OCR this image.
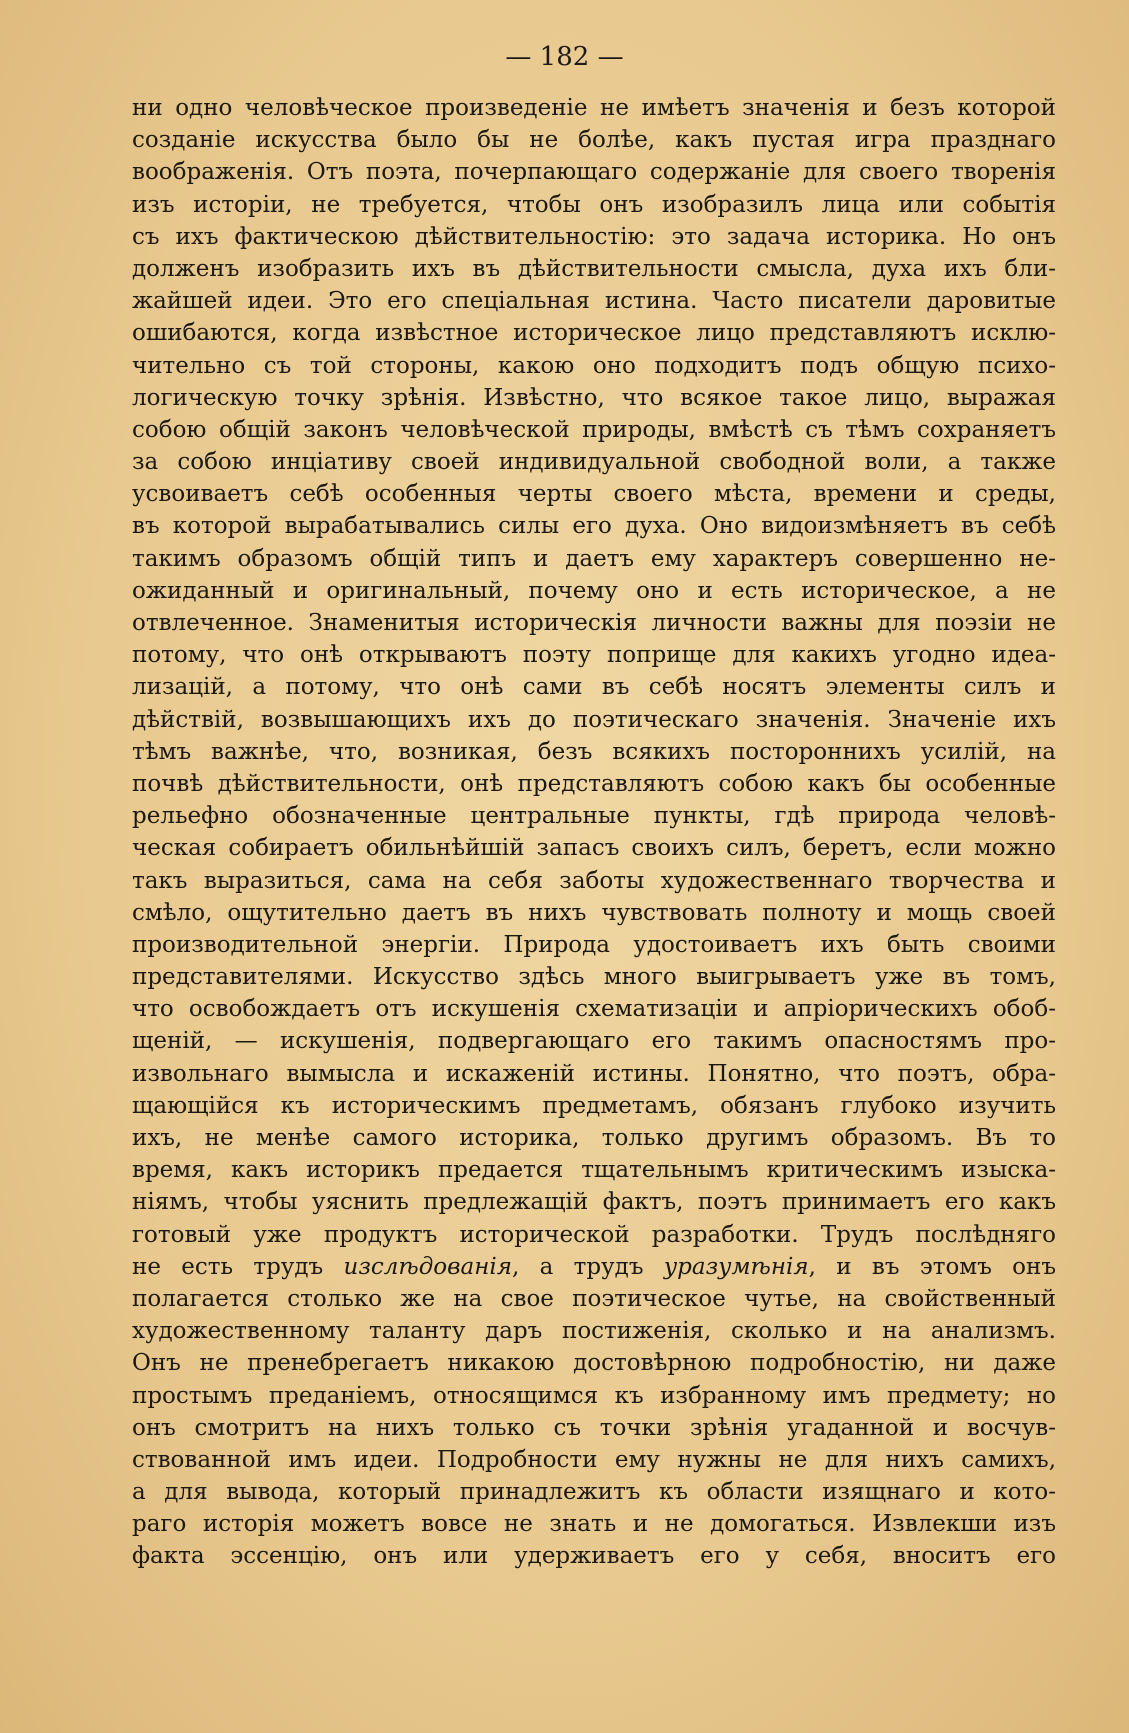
— 182 —
ни одно человѣческое произведеніе не имѣетъ значенія и безъ которой
созданіе искусства было бы не болѣе, какъ пустая игра празднаго
воображенія. Отъ поэта, почерпающаго содержаніе для своего творенія
изъ исторіи, не требуется, чтобы онъ изобразилъ лица или событія
съ ихъ фактическою дѣйствительностію: это задача историка. Но онъ
долженъ изобразить ихъ въ дѣйствительности смысла, духа ихъ бли-
жайшей идеи. Это его спеціальная истина. Часто писатели даровитые
ошибаются, когда извѣстное историческое лицо представляютъ исклю-
чительно съ той стороны, какою оно подходитъ подъ общую психо-
логическую точку зрѣнія. Извѣстно, что всякое такое лицо, выражая
собою общій законъ человѣческой природы, вмѣстѣ съ тѣмъ сохраняетъ
за собою инціативу своей индивидуальной свободной воли, а также
усвоиваетъ себѣ особенныя черты своего мѣста, времени и среды,
въ которой вырабатывались силы его духа. Оно видоизмѣняетъ въ себѣ
такимъ образомъ общій типъ и даетъ ему характеръ совершенно не-
ожиданный и оригинальный, почему оно и есть историческое, а не
отвлеченное. Знаменитыя историческія личности важны для поэзіи не
потому, что онѣ открываютъ поэту поприще для какихъ угодно идеа-
лизацій, а потому, что онѣ сами въ себѣ носятъ элементы силъ и
дѣйствій, возвышающихъ ихъ до поэтическаго значенія. Значеніе ихъ
тѣмъ важнѣе, что, возникая, безъ всякихъ постороннихъ усилій, на
почвѣ дѣйствительности, онѣ представляютъ собою какъ бы особенные
рельефно обозначенные центральные пункты, гдѣ природа человѣ-
ческая собираетъ обильнѣйшій запасъ своихъ силъ, беретъ, если можно
такъ выразиться, сама на себя заботы художественнаго творчества и
смѣло, ощутительно даетъ въ нихъ чувствовать полноту и мощь своей
производительной энергіи. Природа удостоиваетъ ихъ быть своими
представителями. Искусство здѣсь много выигрываетъ уже въ томъ,
что освобождаетъ отъ искушенія схематизаціи и апріорическихъ обоб-
щеній, — искушенія, подвергающаго его такимъ опасностямъ про-
извольнаго вымысла и искаженій истины. Понятно, что поэтъ, обра-
щающійся къ историческимъ предметамъ, обязанъ глубоко изучить
ихъ, не менѣе самого историка, только другимъ образомъ. Въ то
время, какъ историкъ предается тщательнымъ критическимъ изыска-
ніямъ, чтобы уяснить предлежащій фактъ, поэтъ принимаетъ его какъ
готовый уже продуктъ исторической разработки. Трудъ послѣдняго
не есть трудъ изслѣдованія, а трудъ уразумѣнія, и въ этомъ онъ
полагается столько же на свое поэтическое чутье, на свойственный
художественному таланту даръ постиженія, сколько и на анализмъ.
Онъ не пренебрегаетъ никакою достовѣрною подробностію, ни даже
простымъ преданіемъ, относящимся къ избранному имъ предмету; но
онъ смотритъ на нихъ только съ точки зрѣнія угаданной и восчув-
ствованной имъ идеи. Подробности ему нужны не для нихъ самихъ,
а для вывода, который принадлежитъ къ области изящнаго и кото-
раго исторія можетъ вовсе не знать и не домогаться. Извлекши изъ
факта эссенцію, онъ или удерживаетъ его у себя, вноситъ его
